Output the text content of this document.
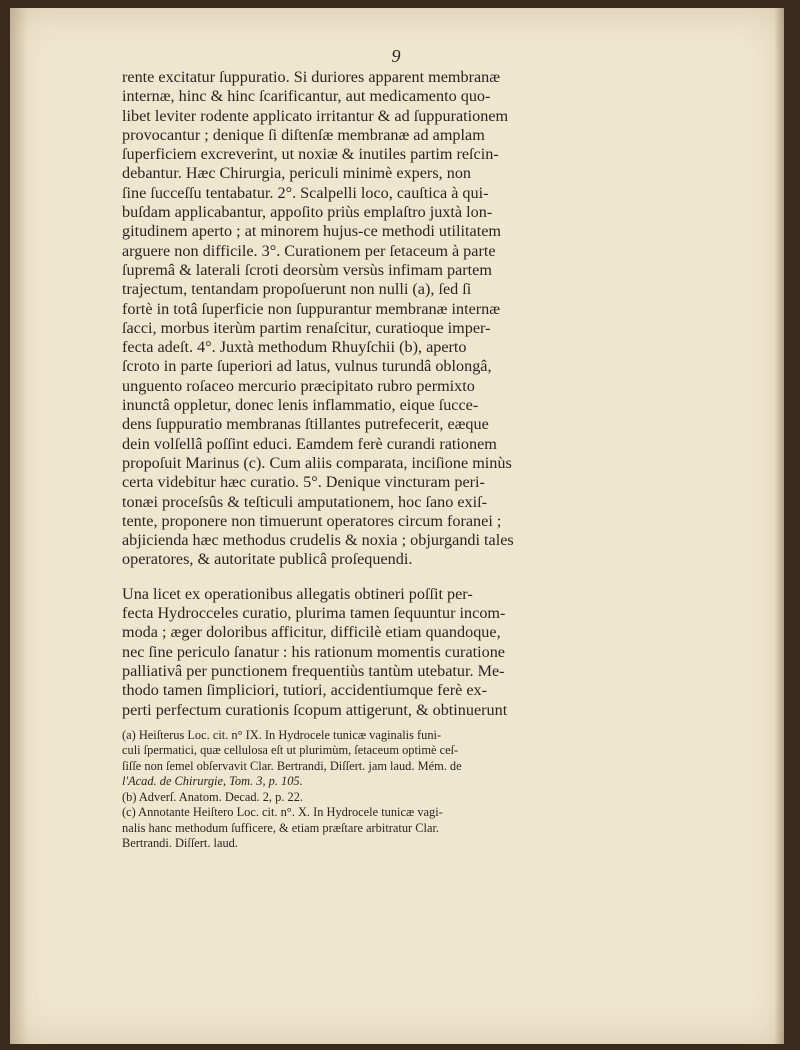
9
rente excitatur ſuppuratio. Si duriores apparent membranæ
internæ, hinc & hinc ſcarificantur, aut medicamento quo-
libet leviter rodente applicato irritantur & ad ſuppurationem
provocantur ; denique ſi diſtenſæ membranæ ad amplam
ſuperficiem excreverint, ut noxiæ & inutiles partim reſcin-
debantur. Hæc Chirurgia, periculi minimè expers, non
ſine ſucceſſu tentabatur. 2°. Scalpelli loco, cauſtica à qui-
buſdam applicabantur, appoſito priùs emplaſtro juxtà lon-
gitudinem aperto ; at minorem hujus-ce methodi utilitatem
arguere non difficile. 3°. Curationem per ſetaceum à parte
ſupremâ & laterali ſcroti deorsùm versùs infimam partem
trajectum, tentandam propoſuerunt non nulli (a), ſed ſi
fortè in totâ ſuperficie non ſuppurantur membranæ internæ
ſacci, morbus iterùm partim renaſcitur, curatioque imper-
fecta adeſt. 4°. Juxtà methodum Rhuyſchii (b), aperto
ſcroto in parte ſuperiori ad latus, vulnus turundâ oblongâ,
unguento roſaceo mercurio præcipitato rubro permixto
inunctâ oppletur, donec lenis inflammatio, eique ſucce-
dens ſuppuratio membranas ſtillantes putrefecerit, eæque
dein volſellâ poſſint educi. Eamdem ferè curandi rationem
propoſuit Marinus (c). Cum aliis comparata, inciſione minùs
certa videbitur hæc curatio. 5°. Denique vincturam peri-
tonæi proceſsûs & teſticuli amputationem, hoc ſano exiſ-
tente, proponere non timuerunt operatores circum foranei ;
abjicienda hæc methodus crudelis & noxia ; objurgandi tales
operatores, & autoritate publicâ proſequendi.
Una licet ex operationibus allegatis obtineri poſſit per-
fecta Hydrocceles curatio, plurima tamen ſequuntur incom-
moda ; æger doloribus afficitur, difficilè etiam quandoque,
nec ſine periculo ſanatur : his rationum momentis curatione
palliativâ per punctionem frequentiùs tantùm utebatur. Me-
thodo tamen ſimpliciori, tutiori, accidentiumque ferè ex-
perti perfectum curationis ſcopum attigerunt, & obtinuerunt
(a) Heiſterus Loc. cit. n° IX. In Hydrocele tunicæ vaginalis funi-
culi ſpermatici, quæ cellulosa eſt ut plurimùm, ſetaceum optimè ceſ-
ſiſſe non ſemel obſervavit Clar. Bertrandi, Diſſert. jam laud. Mém. de
l'Acad. de Chirurgie, Tom. 3, p. 105.
(b) Adverſ. Anatom. Decad. 2, p. 22.
(c) Annotante Heiſtero Loc. cit. n°. X. In Hydrocele tunicæ vagi-
nalis hanc methodum ſufficere, & etiam præſtare arbitratur Clar.
Bertrandi. Diſſert. laud.
